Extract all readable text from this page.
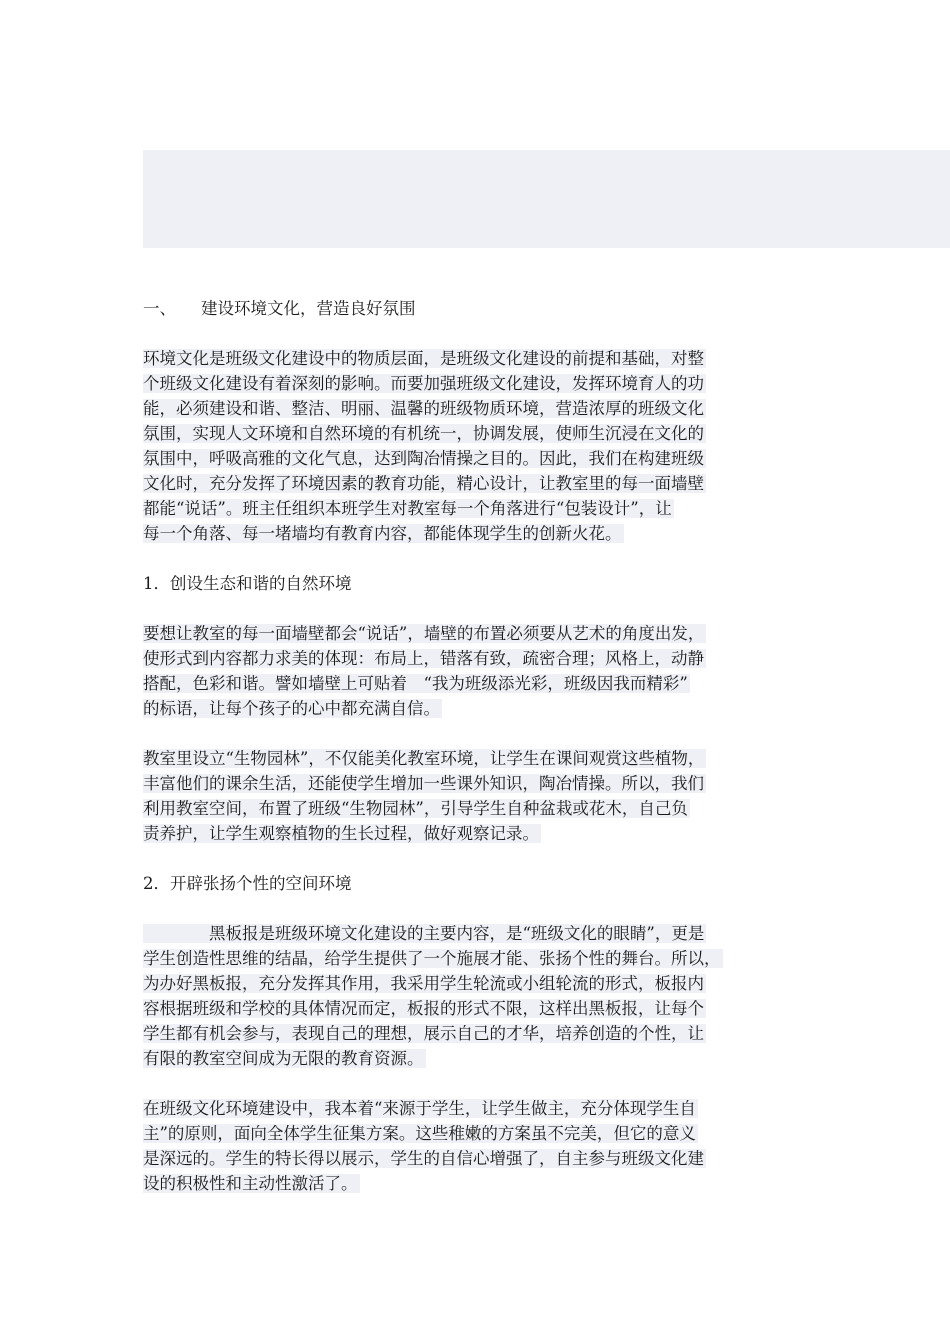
一、 建设环境文化，营造良好氛围
环境文化是班级文化建设中的物质层面，是班级文化建设的前提和基础，对整
个班级文化建设有着深刻的影响。而要加强班级文化建设，发挥环境育人的功
能，必须建设和谐、整洁、明丽、温馨的班级物质环境，营造浓厚的班级文化
氛围，实现人文环境和自然环境的有机统一，协调发展，使师生沉浸在文化的
氛围中，呼吸高雅的文化气息，达到陶冶情操之目的。因此，我们在构建班级
文化时，充分发挥了环境因素的教育功能，精心设计，让教室里的每一面墙壁
都能“说话”。班主任组织本班学生对教室每一个角落进行“包装设计”，让
每一个角落、每一堵墙均有教育内容，都能体现学生的创新火花。
1．创设生态和谐的自然环境
要想让教室的每一面墙壁都会“说话”，墙壁的布置必须要从艺术的角度出发，
使形式到内容都力求美的体现：布局上，错落有致，疏密合理；风格上，动静
搭配，色彩和谐。譬如墙壁上可贴着　“我为班级添光彩，班级因我而精彩”
的标语，让每个孩子的心中都充满自信。
教室里设立“生物园林”，不仅能美化教室环境，让学生在课间观赏这些植物，
丰富他们的课余生活，还能使学生增加一些课外知识，陶冶情操。所以，我们
利用教室空间，布置了班级“生物园林”，引导学生自种盆栽或花木，自己负
责养护，让学生观察植物的生长过程，做好观察记录。
2．开辟张扬个性的空间环境
　　　　黑板报是班级环境文化建设的主要内容，是“班级文化的眼睛”，更是
学生创造性思维的结晶，给学生提供了一个施展才能、张扬个性的舞台。所以，
为办好黑板报，充分发挥其作用，我采用学生轮流或小组轮流的形式，板报内
容根据班级和学校的具体情况而定，板报的形式不限，这样出黑板报，让每个
学生都有机会参与，表现自己的理想，展示自己的才华，培养创造的个性，让
有限的教室空间成为无限的教育资源。
在班级文化环境建设中，我本着“来源于学生，让学生做主，充分体现学生自
主”的原则，面向全体学生征集方案。这些稚嫩的方案虽不完美，但它的意义
是深远的。学生的特长得以展示，学生的自信心增强了，自主参与班级文化建
设的积极性和主动性激活了。
